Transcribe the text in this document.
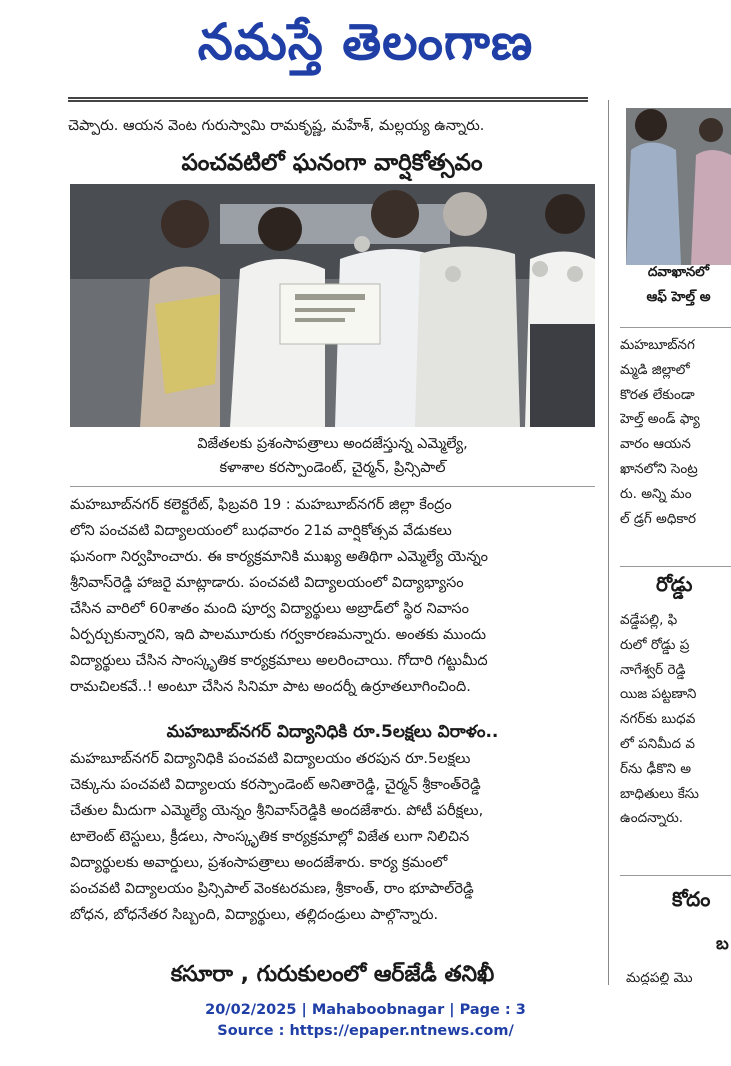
నమస్తే తెలంగాణ
చెప్పారు. ఆయన వెంట గురుస్వామి రామకృష్ణ, మహేశ్, మల్లయ్య ఉన్నారు.
పంచవటిలో ఘనంగా వార్షికోత్సవం
విజేతలకు ప్రశంసాపత్రాలు అందజేస్తున్న ఎమ్మెల్యే,
కళాశాల కరస్పాండెంట్, చైర్మన్, ప్రిన్సిపాల్
మహబూబ్‌నగర్ కలెక్టరేట్, ఫిబ్రవరి 19 : మహబూబ్‌నగర్ జిల్లా కేంద్రం
లోని పంచవటి విద్యాలయంలో బుధవారం 21వ వార్షికోత్సవ వేడుకలు
ఘనంగా నిర్వహించారు. ఈ కార్యక్రమానికి ముఖ్య అతిథిగా ఎమ్మెల్యే యెన్నం
శ్రీనివాస్‌రెడ్డి హాజరై మాట్లాడారు. పంచవటి విద్యాలయంలో విద్యాభ్యాసం
చేసిన వారిలో 60శాతం మంది పూర్వ విద్యార్థులు అబ్రాడ్‌లో స్థిర నివాసం
ఏర్పర్చుకున్నారని, ఇది పాలమూరుకు గర్వకారణమన్నారు. అంతకు ముందు
విద్యార్థులు చేసిన సాంస్కృతిక కార్యక్రమాలు అలరించాయి. గోదారి గట్టుమీద
రామచిలకవే..! అంటూ చేసిన సినిమా పాట అందర్నీ ఉర్రూతలూగించింది.
మహబూబ్‌నగర్ విద్యానిధికి రూ.5లక్షలు విరాళం..
మహబూబ్‌నగర్ విద్యానిధికి పంచవటి విద్యాలయం తరపున రూ.5లక్షలు
చెక్కును పంచవటి విద్యాలయ కరస్పాండెంట్ అనితారెడ్డి, చైర్మన్ శ్రీకాంత్‌రెడ్డి
చేతుల మీదుగా ఎమ్మెల్యే యెన్నం శ్రీనివాస్‌రెడ్డికి అందజేశారు. పోటీ పరీక్షలు,
టాలెంట్ టెస్టులు, క్రీడలు, సాంస్కృతిక కార్యక్రమాల్లో విజేత లుగా నిలిచిన
విద్యార్థులకు అవార్డులు, ప్రశంసాపత్రాలు అందజేశారు. కార్య క్రమంలో
పంచవటి విద్యాలయం ప్రిన్సిపాల్ వెంకటరమణ, శ్రీకాంత్, రాం భూపాల్‌రెడ్డి
బోధన, బోధనేతర సిబ్బంది, విద్యార్థులు, తల్లిదండ్రులు పాల్గొన్నారు.
కసూరా , గురుకులంలో ఆర్‌జేడీ తనిఖీ
దవాఖానలో
ఆఫ్ హెల్త్ అ
మహబూబ్‌నగ
మ్మడి జిల్లాలో
కొరత లేకుండా
హెల్త్ అండ్ ఫ్యా
వారం ఆయన
ఖానలోని సెంట్ర
రు. అన్ని మం
ల్ డ్రగ్ అధికార
రోడ్డు
వడ్డేపల్లి, ఫి
రులో రోడ్డు ప్ర
నాగేశ్వర్ రెడ్డి
యిజ పట్టణాని
నగర్‌కు బుధవ
లో పనిమీద వ
ర్‌ను ఢీకొని అ
బాధితులు కేసు
ఉందన్నారు.
కోదం
బ
మద్దపల్లి మొ
20/02/2025 | Mahaboobnagar | Page : 3
Source : https://epaper.ntnews.com/
